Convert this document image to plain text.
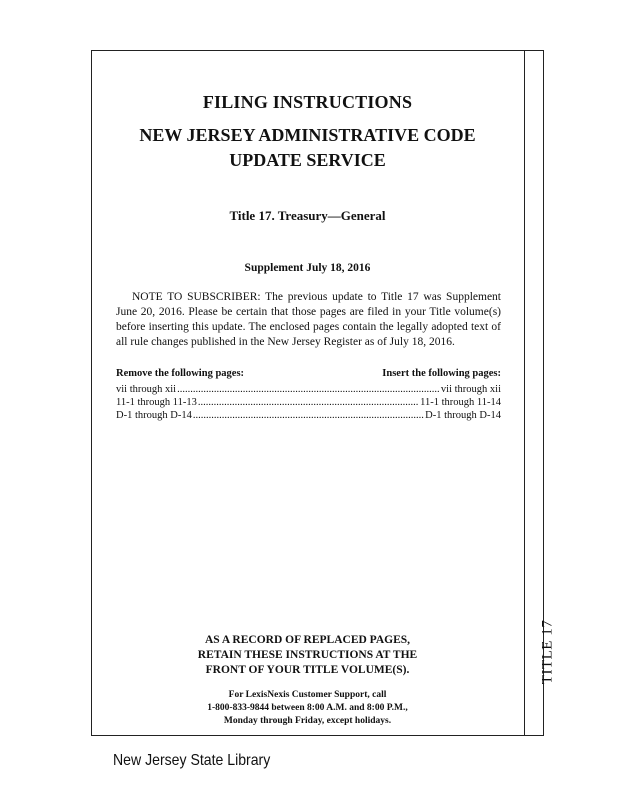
TITLE 17
FILING INSTRUCTIONS
NEW JERSEY ADMINISTRATIVE CODE
UPDATE SERVICE
Title 17. Treasury—General
Supplement July 18, 2016
NOTE TO SUBSCRIBER: The previous update to Title 17 was Supplement June 20, 2016. Please be certain that those pages are filed in your Title volume(s) before inserting this update. The enclosed pages contain the legally adopted text of all rule changes published in the New Jersey Register as of July 18, 2016.
Remove the following pages:	Insert the following pages:
vii through xii .....	vii through xii
11-1 through 11-13 .....	11-1 through 11-14
D-1 through D-14 .....	D-1 through D-14
AS A RECORD OF REPLACED PAGES,
RETAIN THESE INSTRUCTIONS AT THE
FRONT OF YOUR TITLE VOLUME(S).
For LexisNexis Customer Support, call
1-800-833-9844 between 8:00 A.M. and 8:00 P.M.,
Monday through Friday, except holidays.
New Jersey State Library
